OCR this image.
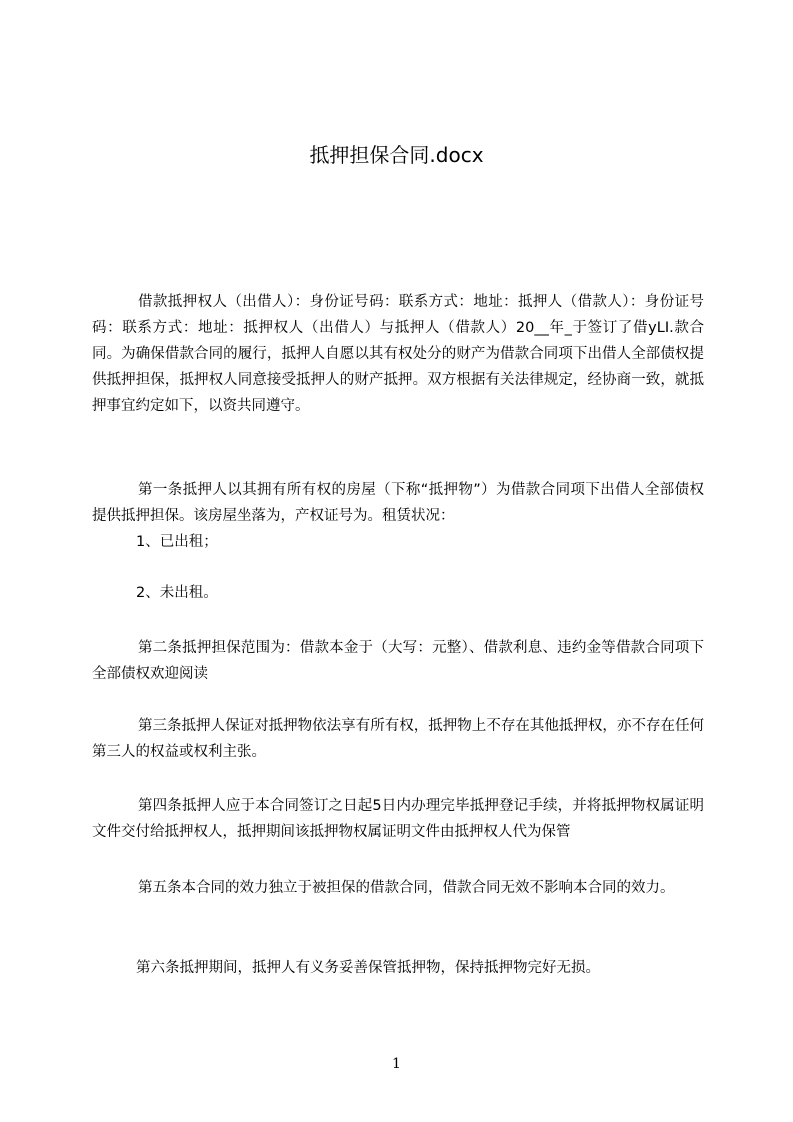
抵押担保合同.docx

借款抵押权人（出借人）：身份证号码：联系方式：地址：抵押人（借款人）：身份证号码：联系方式：地址：抵押权人（出借人）与抵押人（借款人）20__年_于签订了借yLI.款合同。为确保借款合同的履行，抵押人自愿以其有权处分的财产为借款合同项下出借人全部债权提供抵押担保，抵押权人同意接受抵押人的财产抵押。双方根据有关法律规定，经协商一致，就抵押事宜约定如下，以资共同遵守。

第一条抵押人以其拥有所有权的房屋（下称“抵押物”）为借款合同项下出借人全部债权提供抵押担保。该房屋坐落为，产权证号为。租赁状况：

1、已出租；

2、未出租。

第二条抵押担保范围为：借款本金于（大写：元整）、借款利息、违约金等借款合同项下全部债权欢迎阅读

第三条抵押人保证对抵押物依法享有所有权，抵押物上不存在其他抵押权，亦不存在任何第三人的权益或权利主张。

第四条抵押人应于本合同签订之日起5日内办理完毕抵押登记手续，并将抵押物权属证明文件交付给抵押权人，抵押期间该抵押物权属证明文件由抵押权人代为保管

第五条本合同的效力独立于被担保的借款合同，借款合同无效不影响本合同的效力。

第六条抵押期间，抵押人有义务妥善保管抵押物，保持抵押物完好无损。

1
